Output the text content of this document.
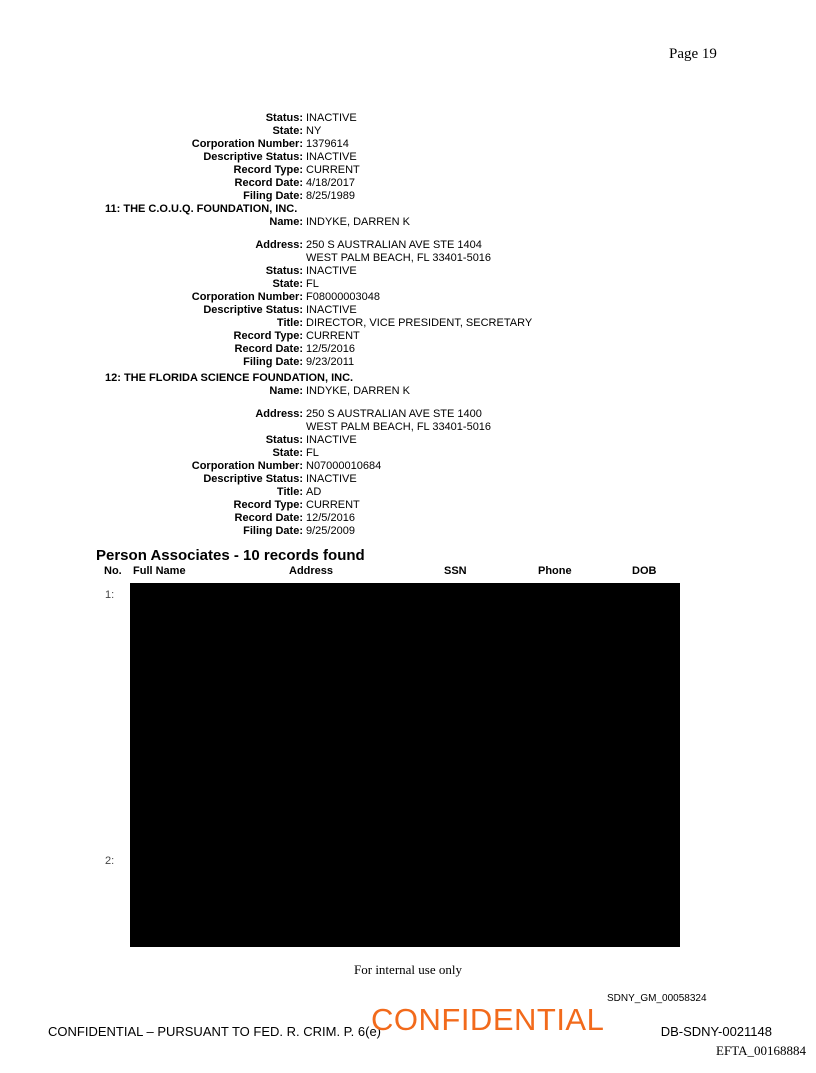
Page 19
Status: INACTIVE
State: NY
Corporation Number: 1379614
Descriptive Status: INACTIVE
Record Type: CURRENT
Record Date: 4/18/2017
Filing Date: 8/25/1989
11: THE C.O.U.Q. FOUNDATION, INC.
Name: INDYKE, DARREN K
Address: 250 S AUSTRALIAN AVE STE 1404
WEST PALM BEACH, FL 33401-5016
Status: INACTIVE
State: FL
Corporation Number: F08000003048
Descriptive Status: INACTIVE
Title: DIRECTOR, VICE PRESIDENT, SECRETARY
Record Type: CURRENT
Record Date: 12/5/2016
Filing Date: 9/23/2011
12: THE FLORIDA SCIENCE FOUNDATION, INC.
Name: INDYKE, DARREN K
Address: 250 S AUSTRALIAN AVE STE 1400
WEST PALM BEACH, FL 33401-5016
Status: INACTIVE
State: FL
Corporation Number: N07000010684
Descriptive Status: INACTIVE
Title: AD
Record Type: CURRENT
Record Date: 12/5/2016
Filing Date: 9/25/2009
Person Associates - 10 records found
No. Full Name	Address	SSN	Phone	DOB
1:
2:
For internal use only
SDNY_GM_00058324
CONFIDENTIAL – PURSUANT TO FED. R. CRIM. P. 6(e)
CONFIDENTIAL	DB-SDNY-0021148
EFTA_00168884
